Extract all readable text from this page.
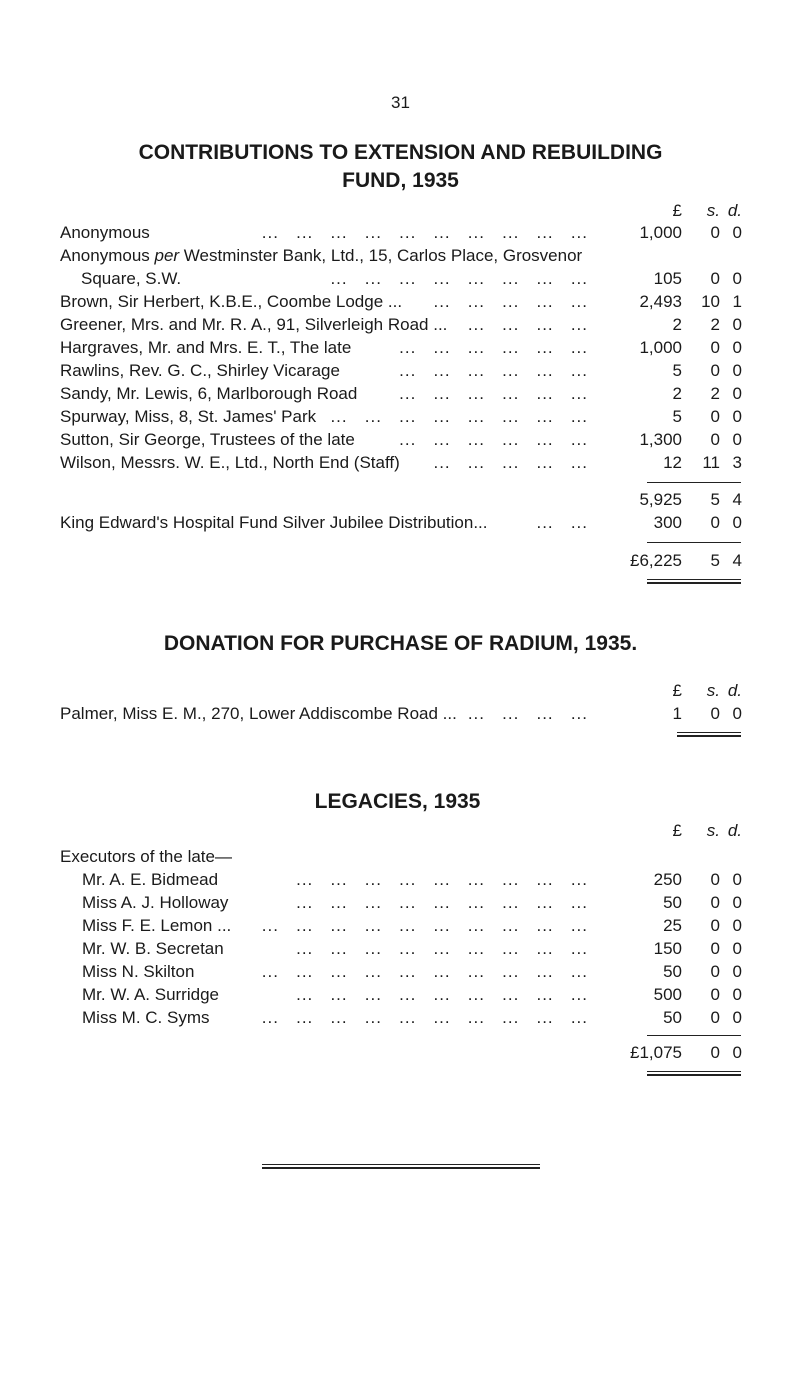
31
CONTRIBUTIONS TO EXTENSION AND REBUILDING
FUND, 1935
£	s. d.
Anonymous	...   ...   ...   ...   ...   ...   ...   ...   ...   ...	1,000	0 0
Anonymous per Westminster Bank, Ltd., 15, Carlos Place, Grosvenor
Square, S.W.	...   ...   ...   ...   ...   ...   ...   ...	105	0 0
Brown, Sir Herbert, K.B.E., Coombe Lodge ... ...   ...   ...   ...   ...	2,493	10 1
Greener, Mrs. and Mr. R. A., 91, Silverleigh Road ... ...   ...   ...   ...	2	2 0
Hargraves, Mr. and Mrs. E. T., The late	...   ...   ...   ...   ...   ...	1,000	0 0
Rawlins, Rev. G. C., Shirley Vicarage	...   ...   ...   ...   ...   ...	5	0 0
Sandy, Mr. Lewis, 6, Marlborough Road ...   ...   ...   ...   ...   ...	2	2 0
Spurway, Miss, 8, St. James' Park ...   ...   ...   ...   ...   ...   ...   ...	5	0 0
Sutton, Sir George, Trustees of the late	...   ...   ...   ...   ...   ...	1,300	0 0
Wilson, Messrs. W. E., Ltd., North End (Staff) ...   ...   ...   ...   ...	12	11 3
5,925	5 4
King Edward's Hospital Fund Silver Jubilee Distribution...	...   ...	300	0 0
£6,225	5 4
DONATION FOR PURCHASE OF RADIUM, 1935.
£	s. d.
Palmer, Miss E. M., 270, Lower Addiscombe Road ... ...   ...   ...   ...	1	0 0
LEGACIES, 1935
£	s. d.
Executors of the late—
Mr. A. E. Bidmead	...   ...   ...   ...   ...   ...   ...   ...   ...	250	0 0
Miss A. J. Holloway	...   ...   ...   ...   ...   ...   ...   ...   ...	50	0 0
Miss F. E. Lemon ... ...   ...   ...   ...   ...   ...   ...   ...   ...   ...	25	0 0
Mr. W. B. Secretan	...   ...   ...   ...   ...   ...   ...   ...   ...	150	0 0
Miss N. Skilton	...   ...   ...   ...   ...   ...   ...   ...   ...   ...	50	0 0
Mr. W. A. Surridge	...   ...   ...   ...   ...   ...   ...   ...   ...	500	0 0
Miss M. C. Syms	...   ...   ...   ...   ...   ...   ...   ...   ...   ...	50	0 0
£1,075	0 0
